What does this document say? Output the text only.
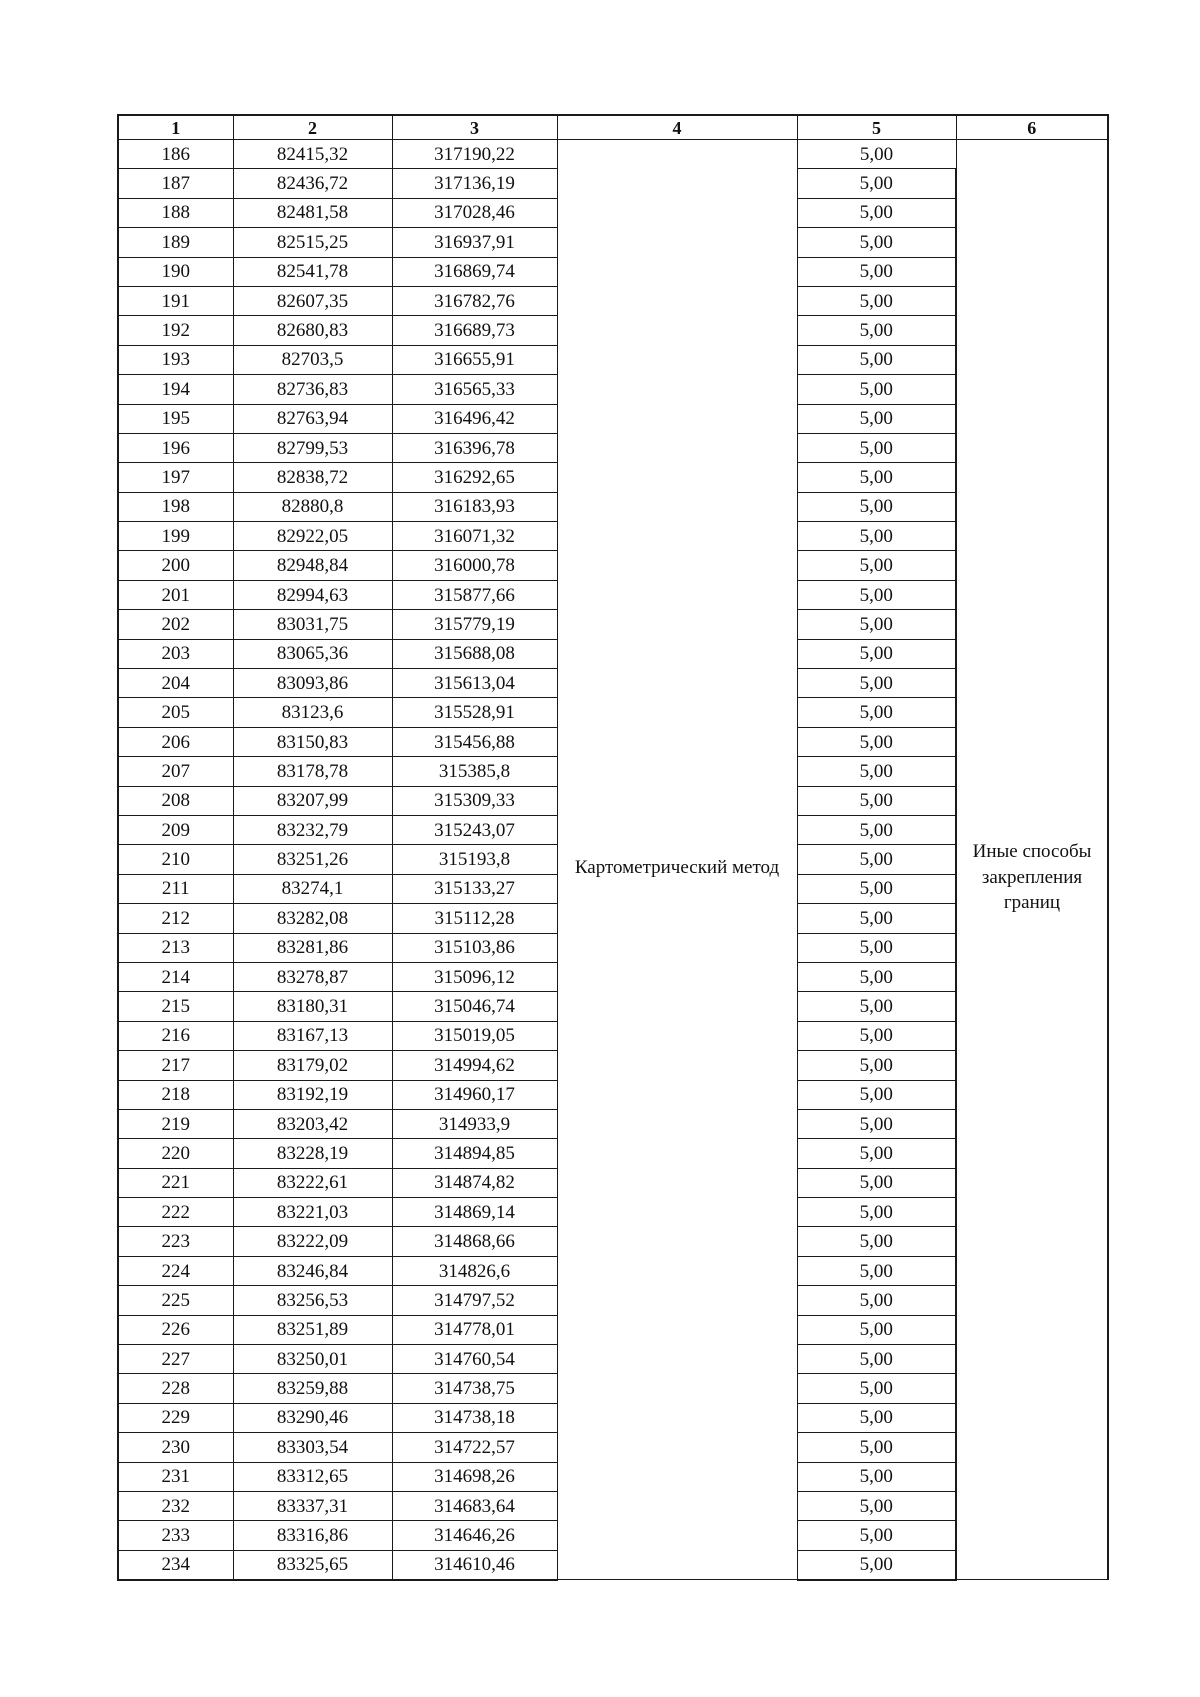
1	2	3	4	5	6
186	82415,32	317190,22	Картометрический метод	5,00	Иные способы закрепления границ
187	82436,72	317136,19		5,00	
188	82481,58	317028,46		5,00	
189	82515,25	316937,91		5,00	
190	82541,78	316869,74		5,00	
191	82607,35	316782,76		5,00	
192	82680,83	316689,73		5,00	
193	82703,5	316655,91		5,00	
194	82736,83	316565,33		5,00	
195	82763,94	316496,42		5,00	
196	82799,53	316396,78		5,00	
197	82838,72	316292,65		5,00	
198	82880,8	316183,93		5,00	
199	82922,05	316071,32		5,00	
200	82948,84	316000,78		5,00	
201	82994,63	315877,66		5,00	
202	83031,75	315779,19		5,00	
203	83065,36	315688,08		5,00	
204	83093,86	315613,04		5,00	
205	83123,6	315528,91		5,00	
206	83150,83	315456,88		5,00	
207	83178,78	315385,8		5,00	
208	83207,99	315309,33		5,00	
209	83232,79	315243,07		5,00	
210	83251,26	315193,8		5,00	
211	83274,1	315133,27		5,00	
212	83282,08	315112,28		5,00	
213	83281,86	315103,86		5,00	
214	83278,87	315096,12		5,00	
215	83180,31	315046,74		5,00	
216	83167,13	315019,05		5,00	
217	83179,02	314994,62		5,00	
218	83192,19	314960,17		5,00	
219	83203,42	314933,9		5,00	
220	83228,19	314894,85		5,00	
221	83222,61	314874,82		5,00	
222	83221,03	314869,14		5,00	
223	83222,09	314868,66		5,00	
224	83246,84	314826,6		5,00	
225	83256,53	314797,52		5,00	
226	83251,89	314778,01		5,00	
227	83250,01	314760,54		5,00	
228	83259,88	314738,75		5,00	
229	83290,46	314738,18		5,00	
230	83303,54	314722,57		5,00	
231	83312,65	314698,26		5,00	
232	83337,31	314683,64		5,00	
233	83316,86	314646,26		5,00	
234	83325,65	314610,46		5,00	
